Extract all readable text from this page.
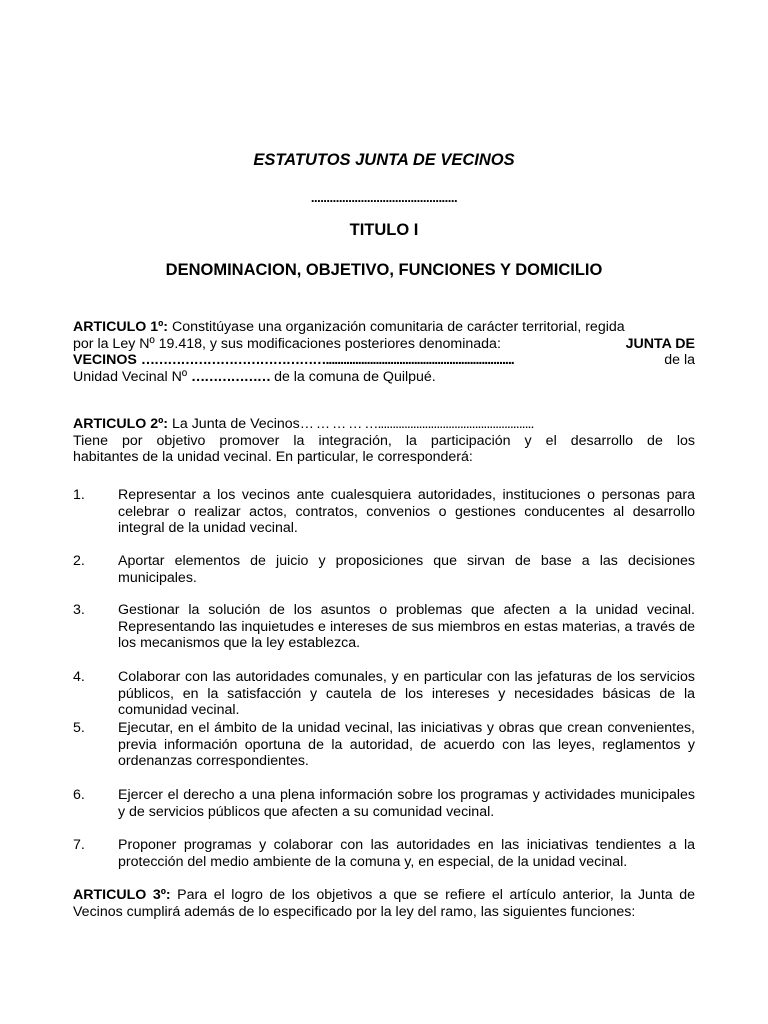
ESTATUTOS JUNTA DE VECINOS
...............................................
TITULO I
DENOMINACION, OBJETIVO, FUNCIONES Y DOMICILIO
ARTICULO 1º: Constitúyase una organización comunitaria de carácter territorial, regida
por la Ley Nº 19.418, y sus modificaciones posteriores denominada:	JUNTA DE
VECINOS ……………………………………................................................................	de la
Unidad Vecinal Nº ……………… de la comuna de Quilpué.
ARTICULO 2º: La Junta de Vecinos… … … … ….....................................................
Tiene por objetivo promover la integración, la participación y el desarrollo de los
habitantes de la unidad vecinal. En particular, le corresponderá:
1.	Representar a los vecinos ante cualesquiera autoridades, instituciones o personas para celebrar o realizar actos, contratos, convenios o gestiones conducentes al desarrollo integral de la unidad vecinal.
2.	Aportar elementos de juicio y proposiciones que sirvan de base a las decisiones municipales.
3.	Gestionar la solución de los asuntos o problemas que afecten a la unidad vecinal. Representando las inquietudes e intereses de sus miembros en estas materias, a través de los mecanismos que la ley establezca.
4.	Colaborar con las autoridades comunales, y en particular con las jefaturas de los servicios públicos, en la satisfacción y cautela de los intereses y necesidades básicas de la comunidad vecinal.
5.	Ejecutar, en el ámbito de la unidad vecinal, las iniciativas y obras que crean convenientes, previa información oportuna de la autoridad, de acuerdo con las leyes, reglamentos y ordenanzas correspondientes.
6.	Ejercer el derecho a una plena información sobre los programas y actividades municipales y de servicios públicos que afecten a su comunidad vecinal.
7.	Proponer programas y colaborar con las autoridades en las iniciativas tendientes a la protección del medio ambiente de la comuna y, en especial, de la unidad vecinal.
ARTICULO 3º: Para el logro de los objetivos a que se refiere el artículo anterior, la Junta de Vecinos cumplirá además de lo especificado por la ley del ramo, las siguientes funciones:
